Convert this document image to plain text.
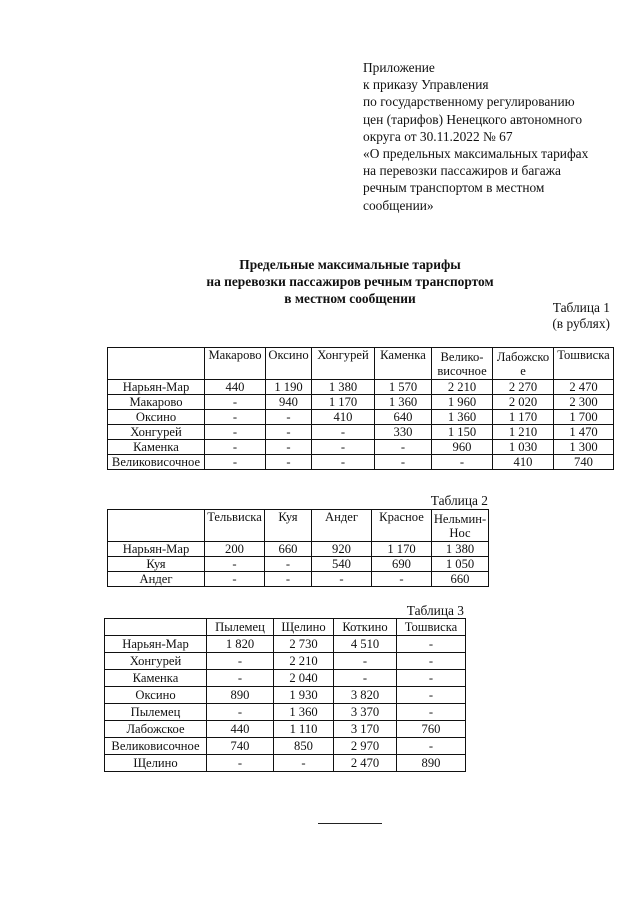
Приложение
к приказу Управления
по государственному регулированию
цен (тарифов) Ненецкого автономного
округа от 30.11.2022 № 67
«О предельных максимальных тарифах
на перевозки пассажиров и багажа
речным транспортом в местном
сообщении»
Предельные максимальные тарифы
на перевозки пассажиров речным транспортом
в местном сообщении
Таблица 1
(в рублях)
	Макарово	Оксино	Хонгурей	Каменка	Велико-височное	Лабожское	Тошвиска
Нарьян-Мар	440	1 190	1 380	1 570	2 210	2 270	2 470
Макарово	-	940	1 170	1 360	1 960	2 020	2 300
Оксино	-	-	410	640	1 360	1 170	1 700
Хонгурей	-	-	-	330	1 150	1 210	1 470
Каменка	-	-	-	-	960	1 030	1 300
Великовисочное	-	-	-	-	-	410	740
Таблица 2
	Тельвиска	Куя	Андег	Красное	Нельмин-Нос
Нарьян-Мар	200	660	920	1 170	1 380
Куя	-	-	540	690	1 050
Андег	-	-	-	-	660
Таблица 3
	Пылемец	Щелино	Коткино	Тошвиска
Нарьян-Мар	1 820	2 730	4 510	-
Хонгурей	-	2 210	-	-
Каменка	-	2 040	-	-
Оксино	890	1 930	3 820	-
Пылемец	-	1 360	3 370	-
Лабожское	440	1 110	3 170	760
Великовисочное	740	850	2 970	-
Щелино	-	-	2 470	890
